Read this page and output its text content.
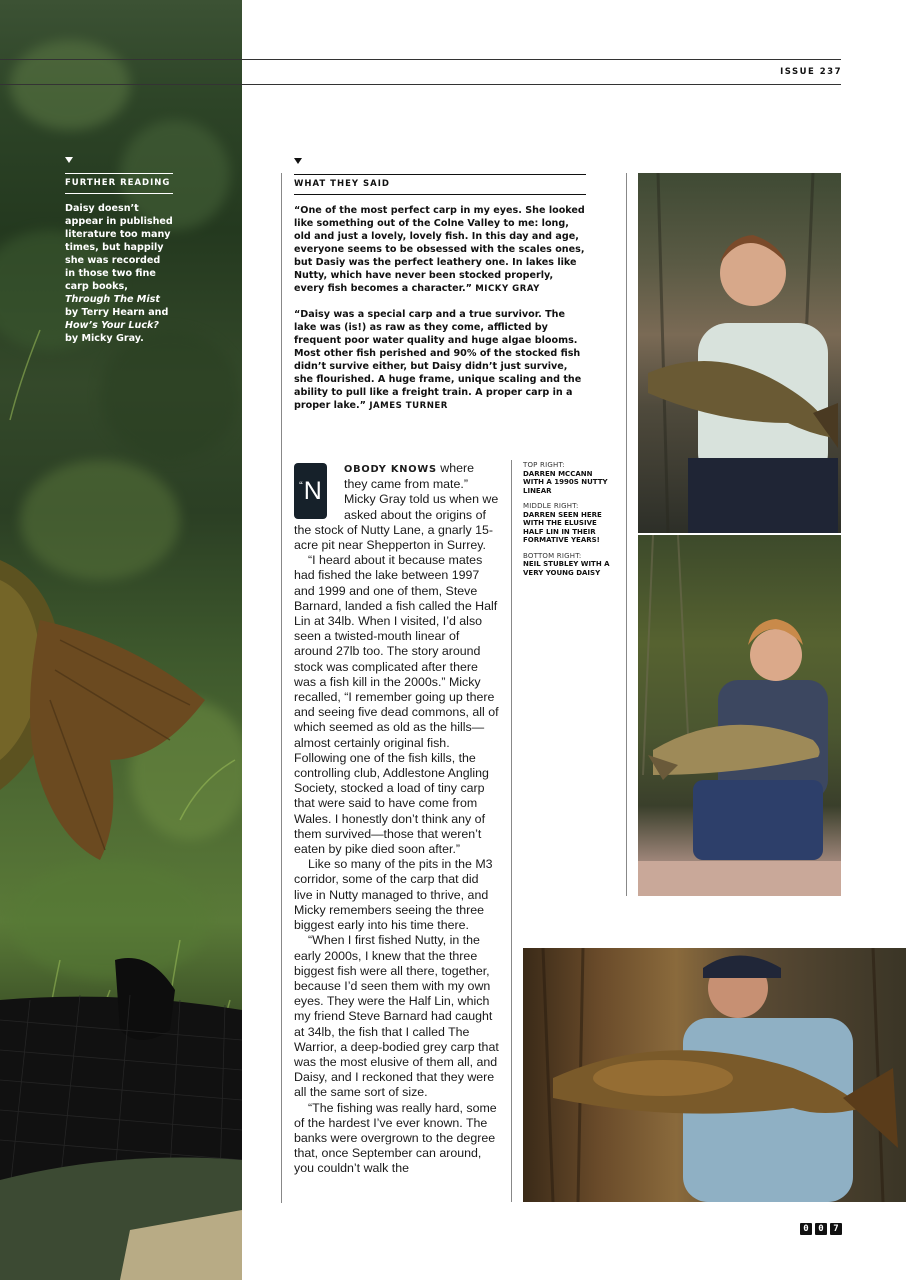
ISSUE 237
FURTHER READING
Daisy doesn’t appear in published literature too many times, but happily she was recorded in those two fine carp books, Through The Mist by Terry Hearn and How’s Your Luck? by Micky Gray.
WHAT THEY SAID
“One of the most perfect carp in my eyes. She looked like something out of the Colne Valley to me: long, old and just a lovely, lovely fish. In this day and age, everyone seems to be obsessed with the scales ones, but Dasiy was the perfect leathery one. In lakes like Nutty, which have never been stocked properly, every fish becomes a character.” MICKY GRAY
“Daisy was a special carp and a true survivor. The lake was (is!) as raw as they come, afflicted by frequent poor water quality and huge algae blooms. Most other fish perished and 90% of the stocked fish didn’t survive either, but Daisy didn’t just survive, she flourished. A huge frame, unique scaling and the ability to pull like a freight train. A proper carp in a proper lake.” JAMES TURNER

“ N
OBODY KNOWS where they came from mate.” Micky Gray told us when we asked about the origins of the stock of Nutty Lane, a gnarly 15-acre pit near Shepperton in Surrey.

“I heard about it because mates had fished the lake between 1997 and 1999 and one of them, Steve Barnard, landed a fish called the Half Lin at 34lb. When I visited, I’d also seen a twisted-mouth linear of around 27lb too. The story around stock was complicated after there was a fish kill in the 2000s.” Micky recalled, “I remember going up there and seeing five dead commons, all of which seemed as old as the hills—almost certainly original fish. Following one of the fish kills, the controlling club, Addlestone Angling Society, stocked a load of tiny carp that were said to have come from Wales. I honestly don’t think any of them survived—those that weren’t eaten by pike died soon after.”

Like so many of the pits in the M3 corridor, some of the carp that did live in Nutty managed to thrive, and Micky remembers seeing the three biggest early into his time there.

“When I first fished Nutty, in the early 2000s, I knew that the three biggest fish were all there, together, because I’d seen them with my own eyes. They were the Half Lin, which my friend Steve Barnard had caught at 34lb, the fish that I called The Warrior, a deep-bodied grey carp that was the most elusive of them all, and Daisy, and I reckoned that they were all the same sort of size.

“The fishing was really hard, some of the hardest I’ve ever known. The banks were overgrown to the degree that, once September can around, you couldn’t walk the

TOP RIGHT:
DARREN MCCANN WITH A 1990S NUTTY LINEAR
MIDDLE RIGHT:
DARREN SEEN HERE WITH THE ELUSIVE HALF LIN IN THEIR FORMATIVE YEARS!
BOTTOM RIGHT:
NEIL STUBLEY WITH A VERY YOUNG DAISY
0	0	7
